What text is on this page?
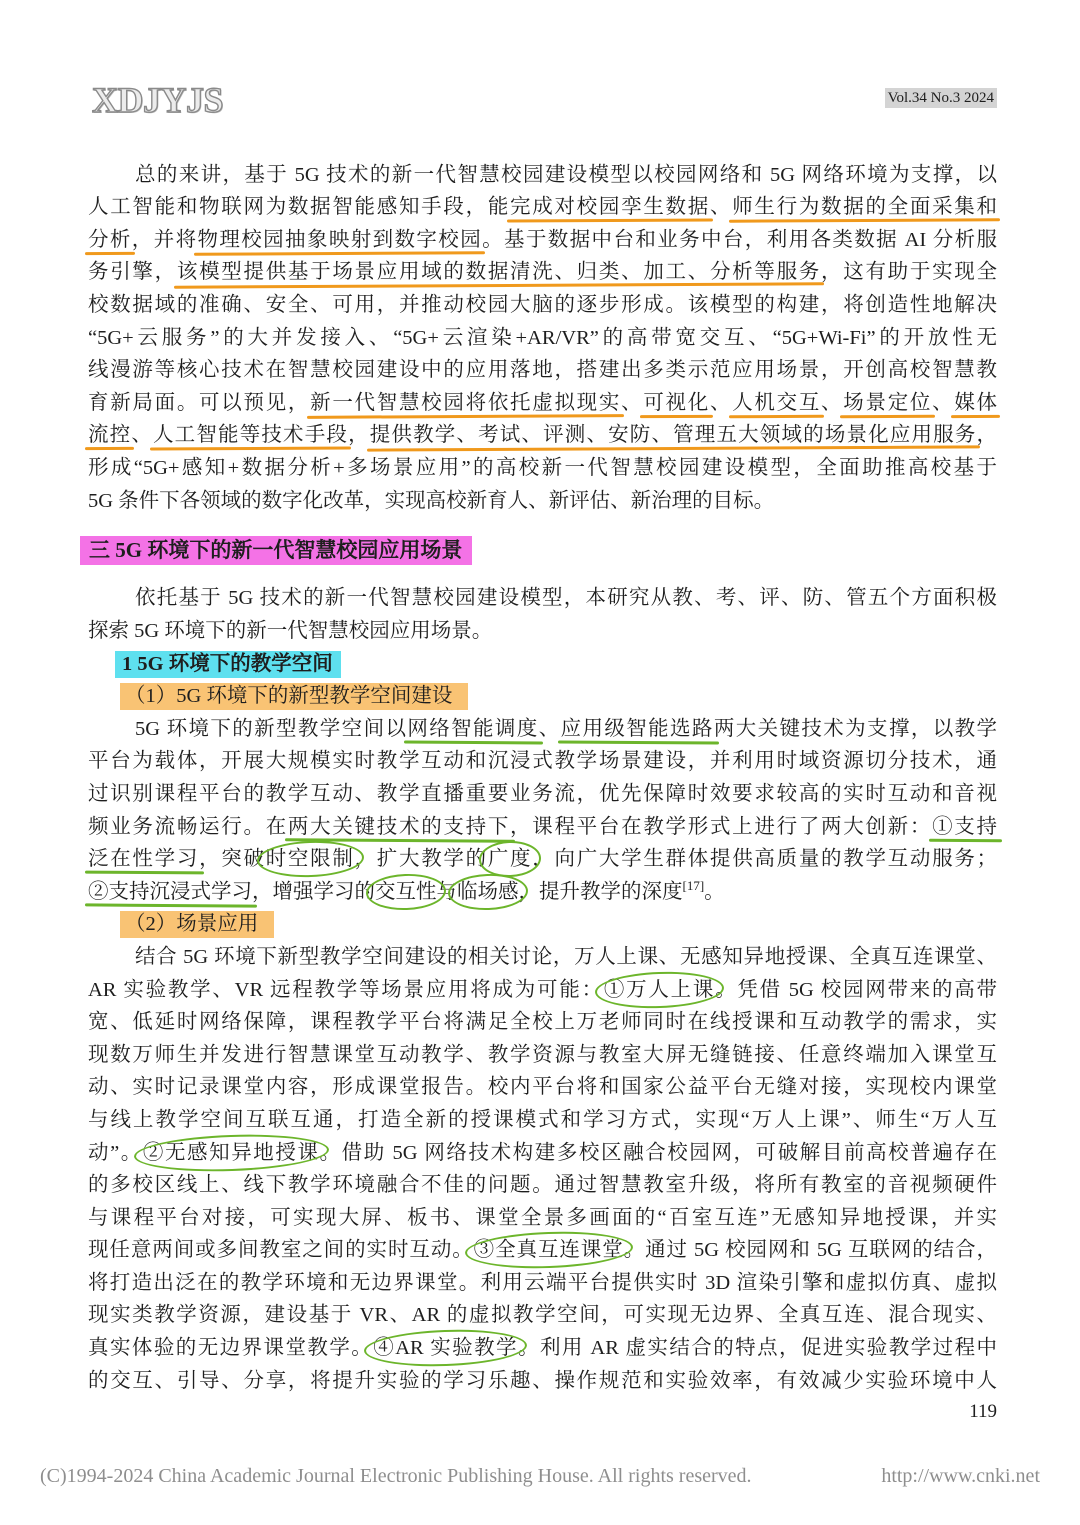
XDJYJS	Vol.34 No.3 2024
总的来讲，基于 5G 技术的新一代智慧校园建设模型以校园网络和 5G 网络环境为支撑，以
人工智能和物联网为数据智能感知手段，能完成对校园孪生数据、师生行为数据的全面采集和
分析，并将物理校园抽象映射到数字校园。基于数据中台和业务中台，利用各类数据 AI 分析服
务引擎，该模型提供基于场景应用域的数据清洗、归类、加工、分析等服务，这有助于实现全
校数据域的准确、安全、可用，并推动校园大脑的逐步形成。该模型的构建，将创造性地解决
“5G+云服务”的大并发接入、“5G+云渲染+AR/VR”的高带宽交互、“5G+Wi-Fi”的开放性无
线漫游等核心技术在智慧校园建设中的应用落地，搭建出多类示范应用场景，开创高校智慧教
育新局面。可以预见，新一代智慧校园将依托虚拟现实、可视化、人机交互、场景定位、媒体
流控、人工智能等技术手段，提供教学、考试、评测、安防、管理五大领域的场景化应用服务，
形成“5G+感知+数据分析+多场景应用”的高校新一代智慧校园建设模型，全面助推高校基于
5G 条件下各领域的数字化改革，实现高校新育人、新评估、新治理的目标。
三 5G 环境下的新一代智慧校园应用场景
依托基于 5G 技术的新一代智慧校园建设模型，本研究从教、考、评、防、管五个方面积极
探索 5G 环境下的新一代智慧校园应用场景。
1 5G 环境下的教学空间
（1）5G 环境下的新型教学空间建设
5G 环境下的新型教学空间以网络智能调度、应用级智能选路两大关键技术为支撑，以教学
平台为载体，开展大规模实时教学互动和沉浸式教学场景建设，并利用时域资源切分技术，通
过识别课程平台的教学互动、教学直播重要业务流，优先保障时效要求较高的实时互动和音视
频业务流畅运行。在两大关键技术的支持下，课程平台在教学形式上进行了两大创新：①支持
泛在性学习，突破时空限制，扩大教学的广度，向广大学生群体提供高质量的教学互动服务；
②支持沉浸式学习，增强学习的交互性与临场感，提升教学的深度[17]。
（2）场景应用
结合 5G 环境下新型教学空间建设的相关讨论，万人上课、无感知异地授课、全真互连课堂、
AR 实验教学、VR 远程教学等场景应用将成为可能：①万人上课。凭借 5G 校园网带来的高带
宽、低延时网络保障，课程教学平台将满足全校上万老师同时在线授课和互动教学的需求，实
现数万师生并发进行智慧课堂互动教学、教学资源与教室大屏无缝链接、任意终端加入课堂互
动、实时记录课堂内容，形成课堂报告。校内平台将和国家公益平台无缝对接，实现校内课堂
与线上教学空间互联互通，打造全新的授课模式和学习方式，实现“万人上课”、师生“万人互
动”。②无感知异地授课。借助 5G 网络技术构建多校区融合校园网，可破解目前高校普遍存在
的多校区线上、线下教学环境融合不佳的问题。通过智慧教室升级，将所有教室的音视频硬件
与课程平台对接，可实现大屏、板书、课堂全景多画面的“百室互连”无感知异地授课，并实
现任意两间或多间教室之间的实时互动。③全真互连课堂。通过 5G 校园网和 5G 互联网的结合，
将打造出泛在的教学环境和无边界课堂。利用云端平台提供实时 3D 渲染引擎和虚拟仿真、虚拟
现实类教学资源，建设基于 VR、AR 的虚拟教学空间，可实现无边界、全真互连、混合现实、
真实体验的无边界课堂教学。④AR 实验教学。利用 AR 虚实结合的特点，促进实验教学过程中
的交互、引导、分享，将提升实验的学习乐趣、操作规范和实验效率，有效减少实验环境中人
119
(C)1994-2024 China Academic Journal Electronic Publishing House. All rights reserved.	http://www.cnki.net
